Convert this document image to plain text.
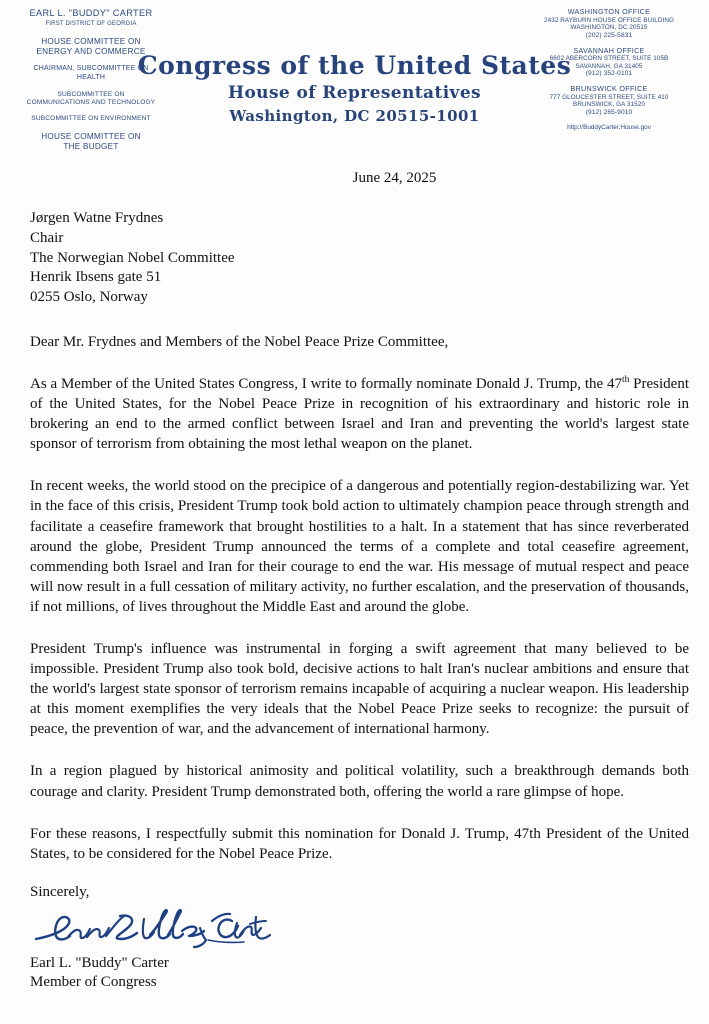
EARL L. "BUDDY" CARTER
FIRST DISTRICT OF GEORGIA
HOUSE COMMITTEE ON
ENERGY AND COMMERCE
CHAIRMAN, SUBCOMMITTEE ON
HEALTH
SUBCOMMITTEE ON
COMMUNICATIONS AND TECHNOLOGY
SUBCOMMITTEE ON ENVIRONMENT
HOUSE COMMITTEE ON
THE BUDGET
WASHINGTON OFFICE
2432 RAYBURN HOUSE OFFICE BUILDING
WASHINGTON, DC 20515
(202) 225-5831
SAVANNAH OFFICE
6602 ABERCORN STREET, SUITE 105B
SAVANNAH, GA 31405
(912) 352-0101
BRUNSWICK OFFICE
777 GLOUCESTER STREET, SUITE 410
BRUNSWICK, GA 31520
(912) 265-9010
http://BuddyCarter.House.gov
Congress of the United States
House of Representatives
Washington, DC 20515-1001
June 24, 2025
Jørgen Watne Frydnes
Chair
The Norwegian Nobel Committee
Henrik Ibsens gate 51
0255 Oslo, Norway
Dear Mr. Frydnes and Members of the Nobel Peace Prize Committee,

As a Member of the United States Congress, I write to formally nominate Donald J. Trump, the 47th President of the United States, for the Nobel Peace Prize in recognition of his extraordinary and historic role in brokering an end to the armed conflict between Israel and Iran and preventing the world's largest state sponsor of terrorism from obtaining the most lethal weapon on the planet.

In recent weeks, the world stood on the precipice of a dangerous and potentially region-destabilizing war. Yet in the face of this crisis, President Trump took bold action to ultimately champion peace through strength and facilitate a ceasefire framework that brought hostilities to a halt. In a statement that has since reverberated around the globe, President Trump announced the terms of a complete and total ceasefire agreement, commending both Israel and Iran for their courage to end the war. His message of mutual respect and peace will now result in a full cessation of military activity, no further escalation, and the preservation of thousands, if not millions, of lives throughout the Middle East and around the globe.

President Trump's influence was instrumental in forging a swift agreement that many believed to be impossible. President Trump also took bold, decisive actions to halt Iran's nuclear ambitions and ensure that the world's largest state sponsor of terrorism remains incapable of acquiring a nuclear weapon. His leadership at this moment exemplifies the very ideals that the Nobel Peace Prize seeks to recognize: the pursuit of peace, the prevention of war, and the advancement of international harmony.

In a region plagued by historical animosity and political volatility, such a breakthrough demands both courage and clarity. President Trump demonstrated both, offering the world a rare glimpse of hope.

For these reasons, I respectfully submit this nomination for Donald J. Trump, 47th President of the United States, to be considered for the Nobel Peace Prize.

Sincerely,
Earl L. "Buddy" Carter
Member of Congress
